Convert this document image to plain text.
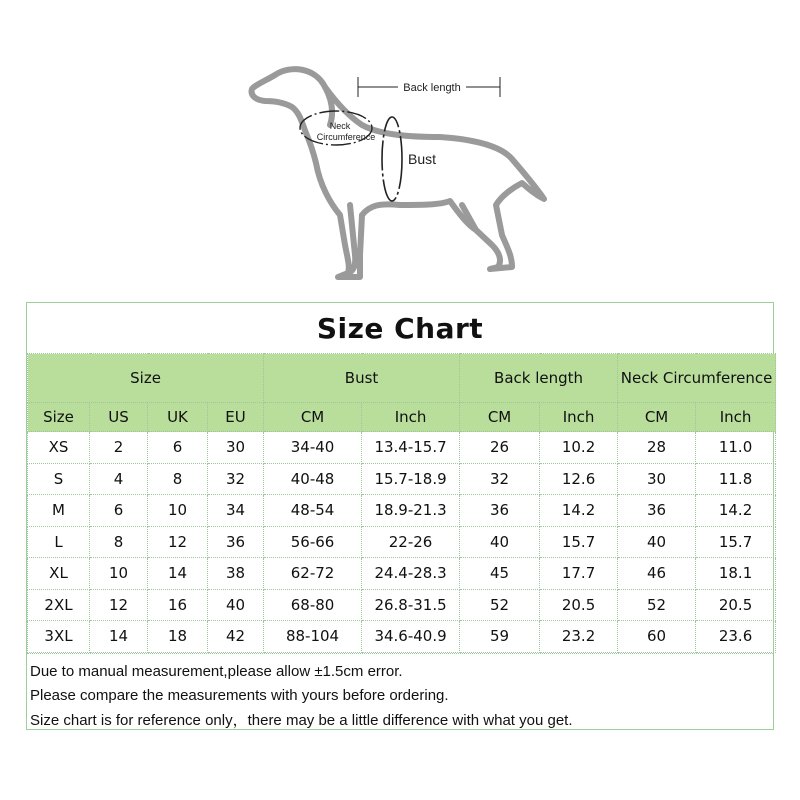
Back length
Neck
Circumference
Bust
Size Chart
Size				Bust		Back length		Neck Circumference	
Size	US	UK	EU	CM	Inch	CM	Inch	CM	Inch
XS	2	6	30	34-40	13.4-15.7	26	10.2	28	11.0
S	4	8	32	40-48	15.7-18.9	32	12.6	30	11.8
M	6	10	34	48-54	18.9-21.3	36	14.2	36	14.2
L	8	12	36	56-66	22-26	40	15.7	40	15.7
XL	10	14	38	62-72	24.4-28.3	45	17.7	46	18.1
2XL	12	16	40	68-80	26.8-31.5	52	20.5	52	20.5
3XL	14	18	42	88-104	34.6-40.9	59	23.2	60	23.6
Due to manual measurement,please allow ±1.5cm error.
Please compare the measurements with yours before ordering.
Size chart is for reference only，there may be a little difference with what you get.
